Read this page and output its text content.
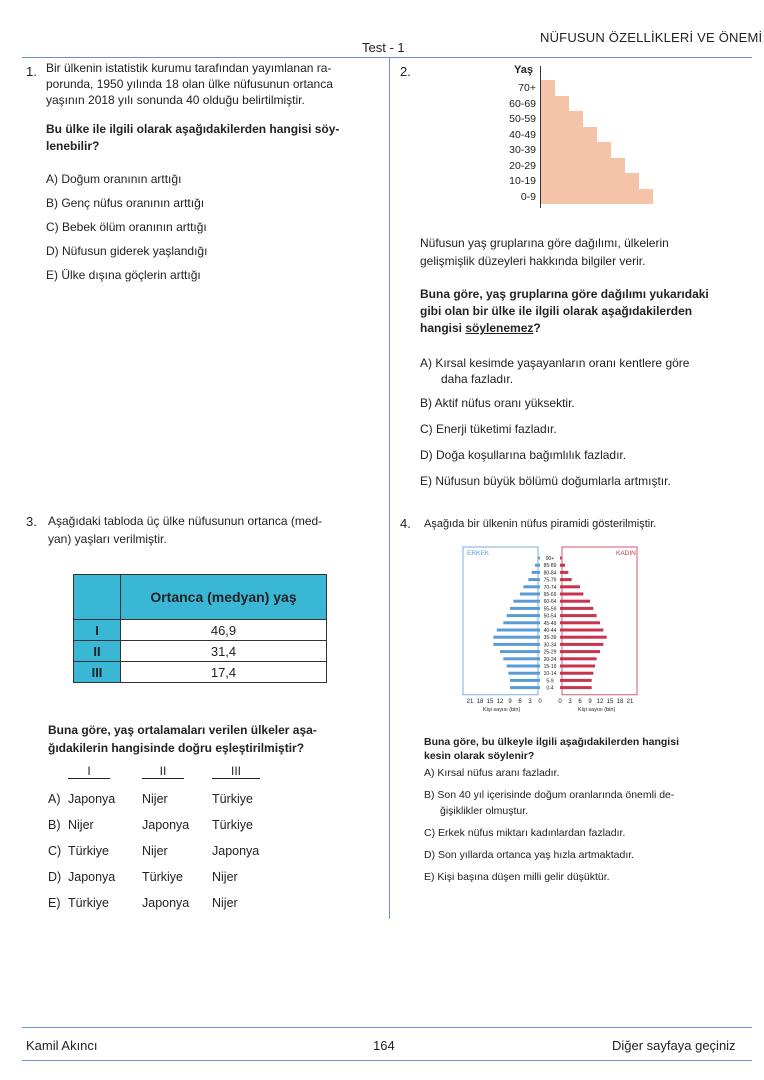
NÜFUSUN ÖZELLİKLERİ VE ÖNEMİ
Test - 1
1. Bir ülkenin istatistik kurumu tarafından yayımlanan ra-
porunda, 1950 yılında 18 olan ülke nüfusunun ortanca
yaşının 2018 yılı sonunda 40 olduğu belirtilmiştir.
Bu ülke ile ilgili olarak aşağıdakilerden hangisi söy-
lenebilir?
A) Doğum oranının arttığı
B) Genç nüfus oranının arttığı
C) Bebek ölüm oranının arttığı
D) Nüfusun giderek yaşlandığı
E) Ülke dışına göçlerin arttığı
2.	Yaş
70+
60-69
50-59
40-49
30-39
20-29
10-19
0-9
Nüfusun yaş gruplarına göre dağılımı, ülkelerin
gelişmişlik düzeyleri hakkında bilgiler verir.
Buna göre, yaş gruplarına göre dağılımı yukarıdaki
gibi olan bir ülke ile ilgili olarak aşağıdakilerden
hangisi söylenemez?
A) Kırsal kesimde yaşayanların oranı kentlere göre
daha fazladır.
B) Aktif nüfus oranı yüksektir.
C) Enerji tüketimi fazladır.
D) Doğa koşullarına bağımlılık fazladır.
E) Nüfusun büyük bölümü doğumlarla artmıştır.
3. Aşağıdaki tabloda üç ülke nüfusunun ortanca (med-
yan) yaşları verilmiştir.
	Ortanca (medyan) yaş
I	46,9
II	31,4
III	17,4
Buna göre, yaş ortalamaları verilen ülkeler aşa-
ğıdakilerin hangisinde doğru eşleştirilmiştir?
I	II	III
A) Japonya Nijer	Türkiye
B) Nijer	Japonya Türkiye
C) Türkiye	Nijer	Japonya
D) Japonya Türkiye Nijer
E) Türkiye	Japonya Nijer
4. Aşağıda bir ülkenin nüfus piramidi gösterilmiştir.
ERKEK	KADIN
90+
85-89
80-84
75-79
70-74
65-69
60-64
55-59
50-54
45-49
40-44
35-39
30-34
25-29
20-24
15-19
10-14
5-9
0-4
21 18 15 12 9 6 3 0	0 3 6 9 12 15 18 21
Kişi sayısı (bin)	Kişi sayısı (bin)
Buna göre, bu ülkeyle ilgili aşağıdakilerden hangisi
kesin olarak söylenir?
A) Kırsal nüfus aranı fazladır.
B) Son 40 yıl içerisinde doğum oranlarında önemli de-
ğişiklikler olmuştur.
C) Erkek nüfus miktarı kadınlardan fazladır.
D) Son yıllarda ortanca yaş hızla artmaktadır.
E) Kişi başına düşen milli gelir düşüktür.
Kamil Akıncı	164	Diğer sayfaya geçiniz
